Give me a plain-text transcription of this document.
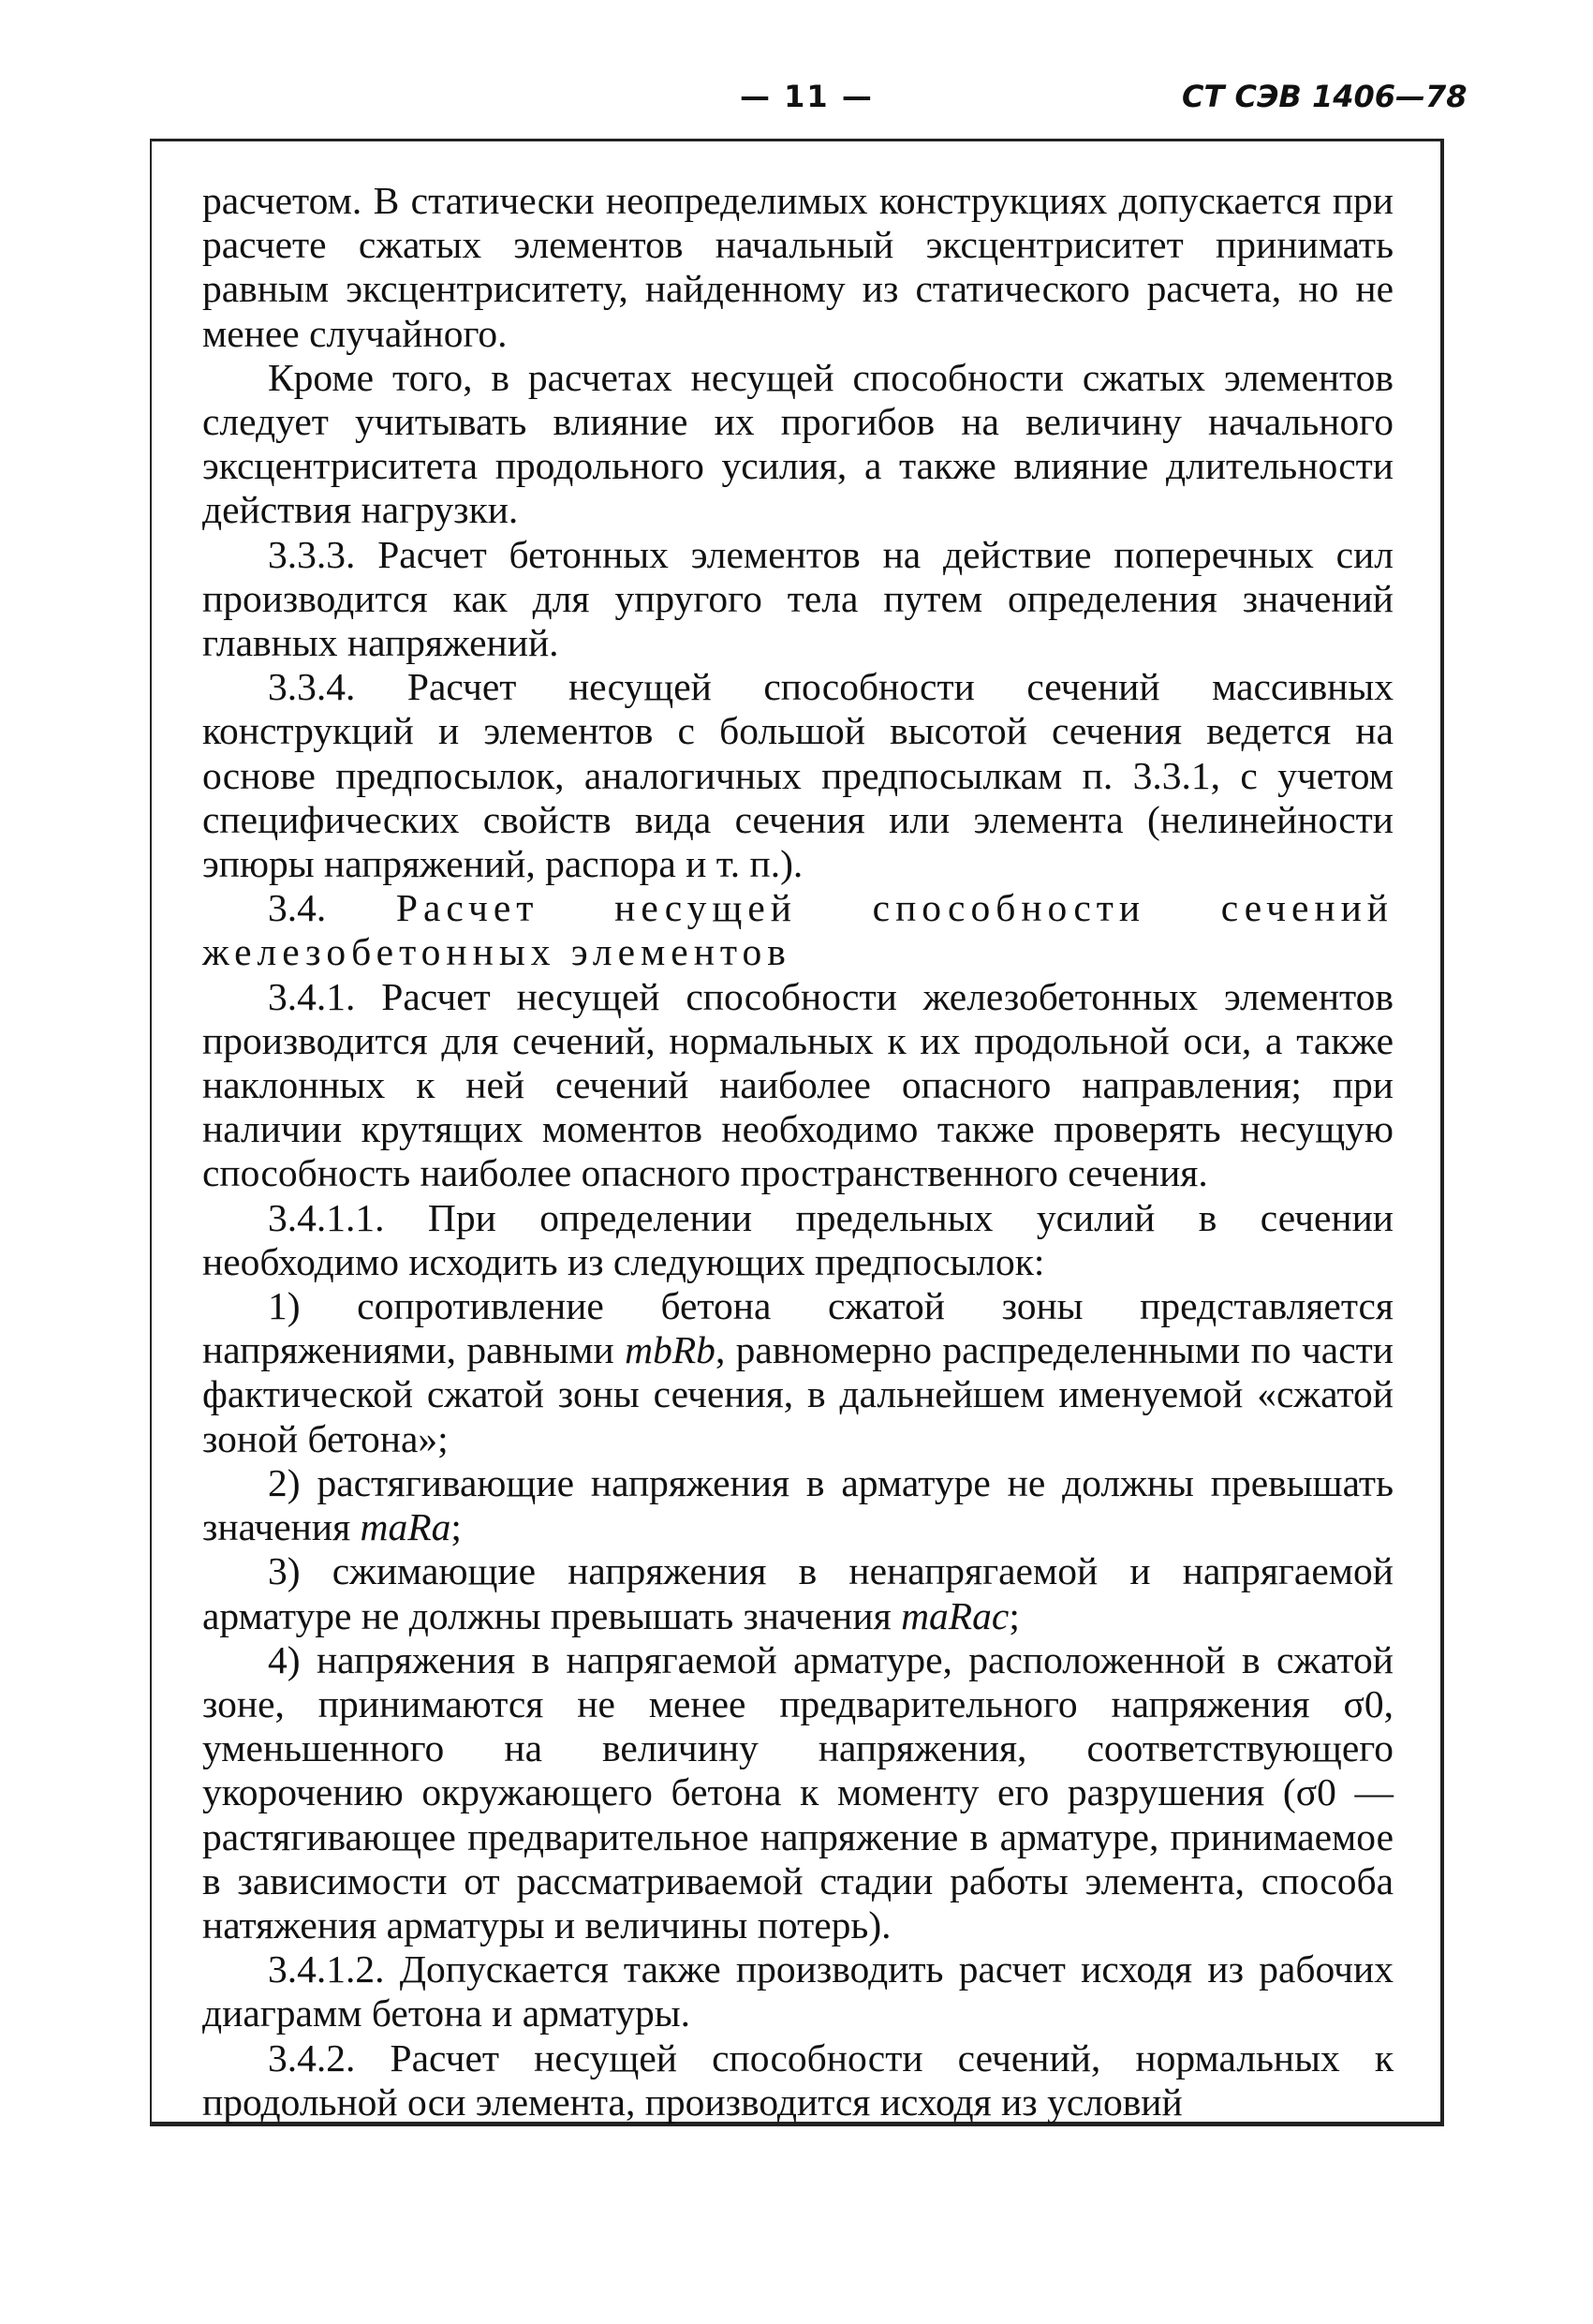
— 11 —	СТ СЭВ 1406—78

расчетом. В статически неопределимых конструкциях допускается при расчете сжатых элементов начальный эксцентриситет принимать равным эксцентриситету, найденному из статического расчета, но не менее случайного.

Кроме того, в расчетах несущей способности сжатых элементов следует учитывать влияние их прогибов на величину начального эксцентриситета продольного усилия, а также влияние длительности действия нагрузки.

3.3.3. Расчет бетонных элементов на действие поперечных сил производится как для упругого тела путем определения значений главных напряжений.

3.3.4. Расчет несущей способности сечений массивных конструкций и элементов с большой высотой сечения ведется на основе предпосылок, аналогичных предпосылкам п. 3.3.1, с учетом специфических свойств вида сечения или элемента (нелинейности эпюры напряжений, распора и т. п.).

3.4. Расчет несущей способности сечений железобетонных элементов

3.4.1. Расчет несущей способности железобетонных элементов производится для сечений, нормальных к их продольной оси, а также наклонных к ней сечений наиболее опасного направления; при наличии крутящих моментов необходимо также проверять несущую способность наиболее опасного пространственного сечения.

3.4.1.1. При определении предельных усилий в сечении необходимо исходить из следующих предпосылок:

1) сопротивление бетона сжатой зоны представляется напряжениями, равными mbRb, равномерно распределенными по части фактической сжатой зоны сечения, в дальнейшем именуемой «сжатой зоной бетона»;

2) растягивающие напряжения в арматуре не должны превышать значения maRa;

3) сжимающие напряжения в ненапрягаемой и напрягаемой арматуре не должны превышать значения maRac;

4) напряжения в напрягаемой арматуре, расположенной в сжатой зоне, принимаются не менее предварительного напряжения σ0, уменьшенного на величину напряжения, соответствующего укорочению окружающего бетона к моменту его разрушения (σ0 — растягивающее предварительное напряжение в арматуре, принимаемое в зависимости от рассматриваемой стадии работы элемента, способа натяжения арматуры и величины потерь).

3.4.1.2. Допускается также производить расчет исходя из рабочих диаграмм бетона и арматуры.

3.4.2. Расчет несущей способности сечений, нормальных к продольной оси элемента, производится исходя из условий
